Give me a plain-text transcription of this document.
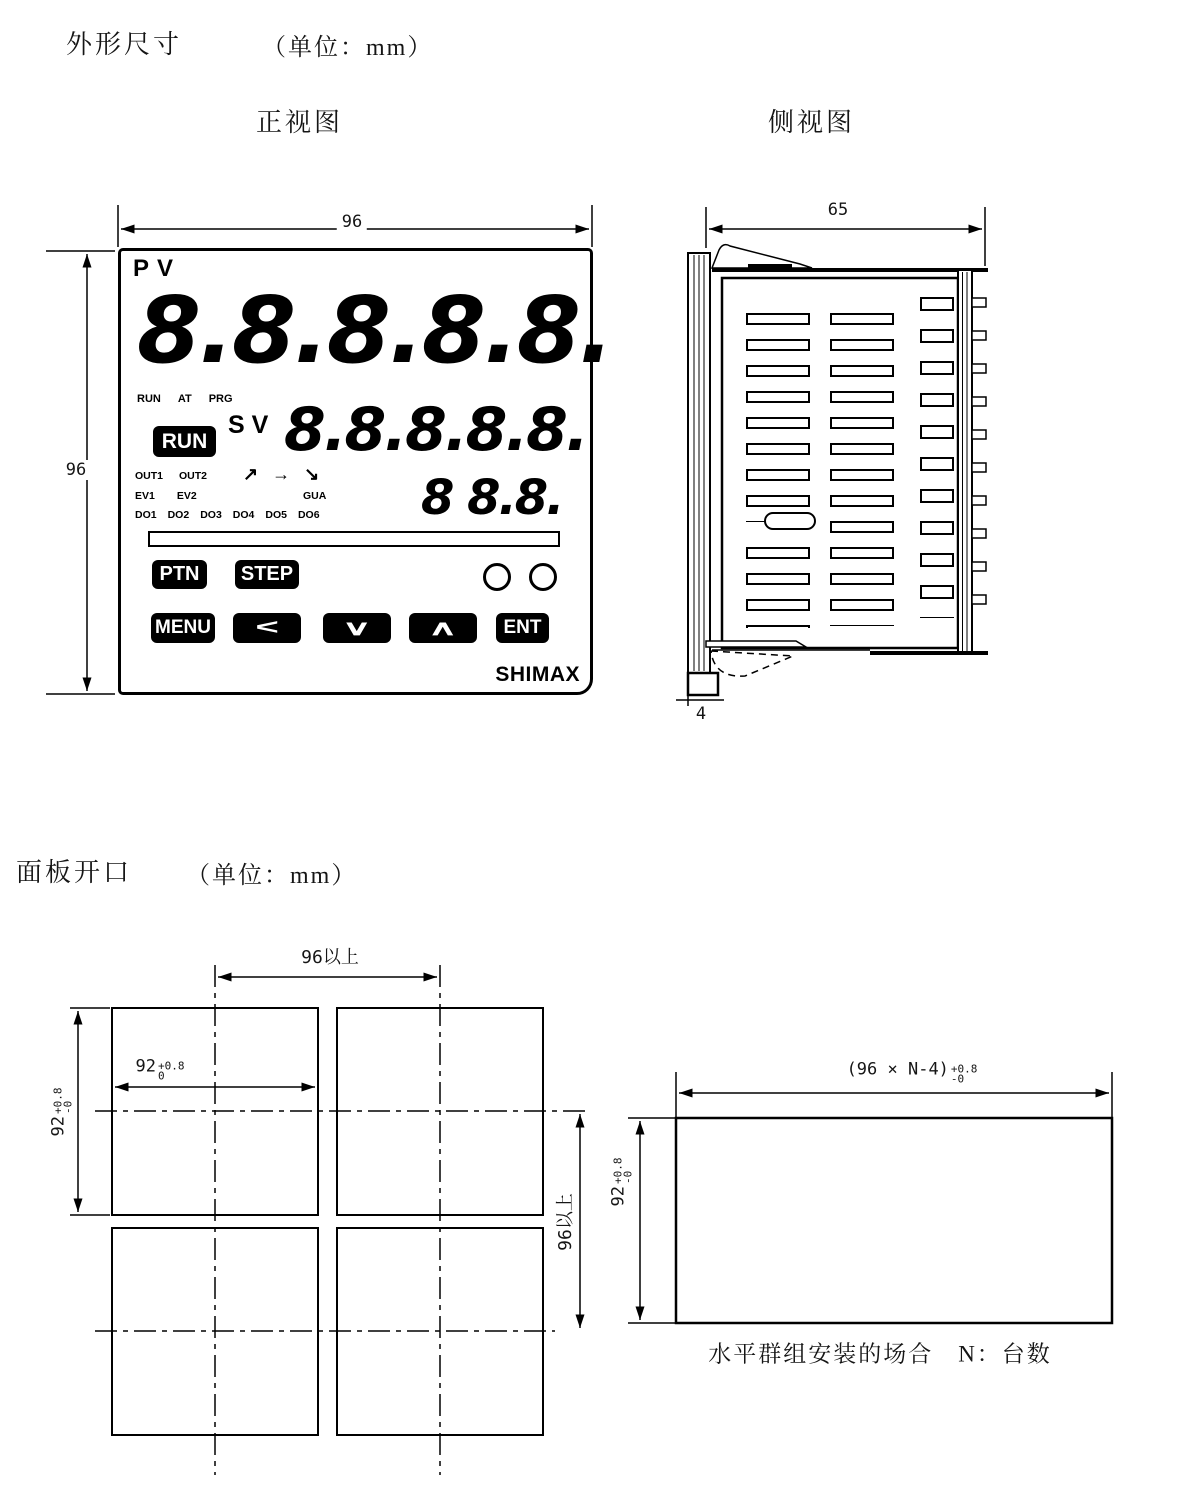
外形尺寸	（单位：mm）
正视图	侧视图
面板开口 （单位：mm）
96
96
65
4
96以上
92 +0.8
0
92
+0.8
-0
96以上
(96 × N-4) +0.8
-0
92
+0.8
-0
水平群组安装的场合　N：台数
PV
8.8.8.8.8.
RUN AT PRG
RUN
SV 8.8.8.8.8.
OUT1 OUT2 ↗ → ↘ 8 8.8.
EV1 EV2	GUA
DO1 DO2 DO3 DO4 DO5 DO6
PTN STEP
MENU <	∨	∧ ENT
SHIMAX
